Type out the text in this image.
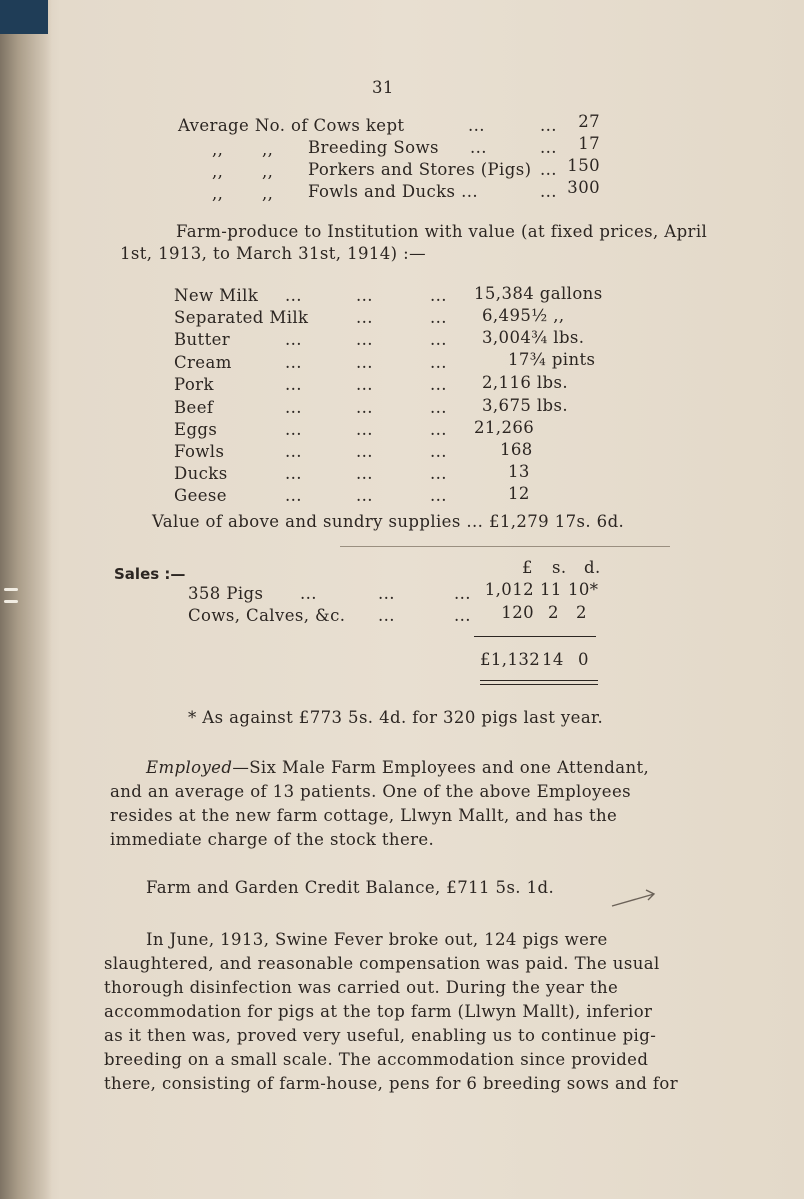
31
Average No. of Cows kept	...	...	27
,, ,, Breeding Sows ...	...	17
,, ,, Porkers and Stores (Pigs) ... 150
,, ,, Fowls and Ducks ...	... 300
Farm-produce to Institution with value (at fixed prices, April
1st, 1913, to March 31st, 1914) :—
New Milk ...	...	... 15,384 gallons
Separated Milk	...	... 6,495½ ,,
Butter	...	...	... 3,004¾ lbs.
Cream	...	...	...	17¾ pints
Pork	...	...	... 2,116 lbs.
Beef	...	...	... 3,675 lbs.
Eggs	...	...	... 21,266
Fowls	...	...	...	168
Ducks	...	...	...	13
Geese	...	...	...	12
Value of above and sundry supplies ... £1,279 17s. 6d.
Sales :—	£ s. d.
358 Pigs ...	...	... 1,012 11 10*
Cows, Calves, &c. ...	...	120 2 2
£1,132 14 0
* As against £773 5s. 4d. for 320 pigs last year.
Employed—Six Male Farm Employees and one Attendant,
and an average of 13 patients. One of the above Employees
resides at the new farm cottage, Llwyn Mallt, and has the
immediate charge of the stock there.
Farm and Garden Credit Balance, £711 5s. 1d.
In June, 1913, Swine Fever broke out, 124 pigs were
slaughtered, and reasonable compensation was paid. The usual
thorough disinfection was carried out. During the year the
accommodation for pigs at the top farm (Llwyn Mallt), inferior
as it then was, proved very useful, enabling us to continue pig-
breeding on a small scale. The accommodation since provided
there, consisting of farm-house, pens for 6 breeding sows and for
